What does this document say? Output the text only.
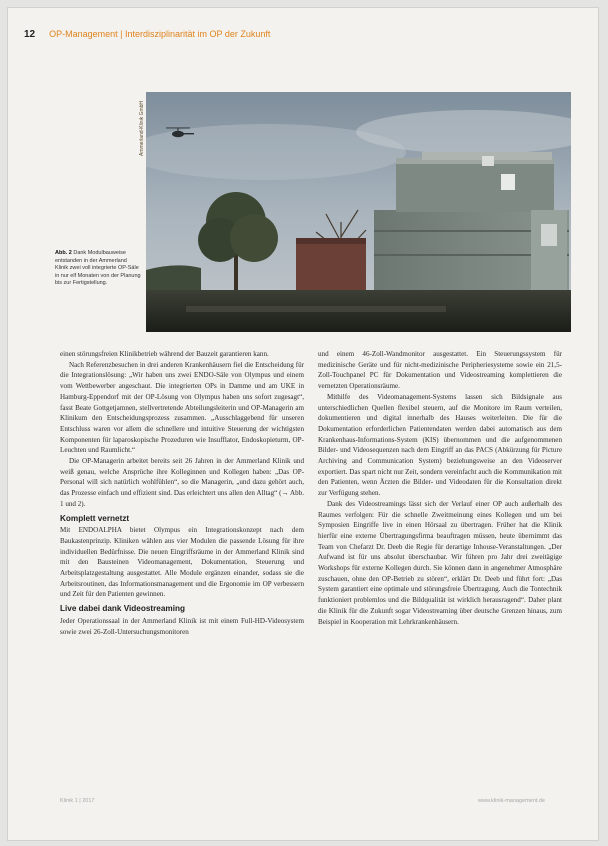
12 OP-Management | Interdisziplinarität im OP der Zukunft
Ammerland-Klinik GmbH
Abb. 2 Dank Modulbauweise entstanden in der Ammerland Klinik zwei voll integrierte OP-Säle in nur elf Monaten von der Planung bis zur Fertigstellung.

einen störungsfreien Klinikbetrieb während der Bauzeit garantieren kann.

Nach Referenzbesuchen in drei anderen Krankenhäusern fiel die Entscheidung für die Integrationslösung: „Wir haben uns zwei ENDO-Säle von Olympus und einem vom Wettbewerber angeschaut. Die integrierten OPs in Damme und am UKE in Hamburg-Eppendorf mit der OP-Lösung von Olympus haben uns sofort zugesagt“, fasst Beate Gottgetjamnen, stellvertretende Abteilungsleiterin und OP-Managerin am Klinikum den Entscheidungsprozess zusammen. „Ausschlaggebend für unseren Entschluss waren vor allem die schnellere und intuitive Steuerung der wichtigsten Komponenten für laparoskopische Prozeduren wie Insufflator, Endoskopieturm, OP-Leuchten und Raumlicht.“

Die OP-Managerin arbeitet bereits seit 26 Jahren in der Ammerland Klinik und weiß genau, welche Ansprüche ihre Kolleginnen und Kollegen haben: „Das OP-Personal will sich natürlich wohlfühlen“, so die Managerin, „und dazu gehört auch, das Prozesse einfach und effizient sind. Das erleichtert uns allen den Alltag“ (→ Abb. 1 und 2).

Komplett vernetzt

Mit ENDOALPHA bietet Olympus ein Integrationskonzept nach dem Baukastenprinzip. Kliniken wählen aus vier Modulen die passende Lösung für ihre individuellen Bedürfnisse. Die neuen Eingriffsräume in der Ammerland Klinik sind mit den Bausteinen Videomanagement, Dokumentation, Steuerung und Arbeitsplatzgestaltung ausgestattet. Alle Module ergänzen einander, sodass sie die Arbeitsroutinen, das Informationsmanagement und die Ergonomie im OP verbessern und Zeit für den Patienten gewinnen.

Live dabei dank Videostreaming

Jeder Operationssaal in der Ammerland Klinik ist mit einem Full-HD-Videosystem sowie zwei 26-Zoll-Untersuchungsmonitoren

und einem 46-Zoll-Wandmonitor ausgestattet. Ein Steuerungssystem für medizinische Geräte und für nicht-medizinische Peripheriesysteme sowie ein 21,5-Zoll-Touchpanel PC für Dokumentation und Videostreaming komplettieren die vernetzten Operationsräume.

Mithilfe des Videomanagement-Systems lassen sich Bildsignale aus unterschiedlichen Quellen flexibel steuern, auf die Monitore im Raum verteilen, dokumentieren und digital innerhalb des Hauses weiterleiten. Die für die Dokumentation erforderlichen Patientendaten werden dabei automatisch aus dem Krankenhaus-Informations-System (KIS) übernommen und die aufgenommenen Bilder- und Videosequenzen nach dem Eingriff an das PACS (Abkürzung für Picture Archiving and Communication System) beziehungsweise an den Videoserver exportiert. Das spart nicht nur Zeit, sondern vereinfacht auch die Kommunikation mit den Patienten, wenn Ärzten die Bilder- und Videodaten für die Konsultation direkt zur Verfügung stehen.

Dank des Videostreamings lässt sich der Verlauf einer OP auch außerhalb des Raumes verfolgen: Für die schnelle Zweitmeinung eines Kollegen und um bei Symposien Eingriffe live in einen Hörsaal zu übertragen. Früher hat die Klinik hierfür eine externe Übertragungsfirma beauftragen müssen, heute übernimmt das Team von Chefarzt Dr. Deeb die Regie für derartige Inhouse-Veranstaltungen. „Der Aufwand ist für uns absolut überschaubar. Wir führen pro Jahr drei zweitägige Workshops für externe Kollegen durch. Sie können dann in angenehmer Atmosphäre zuschauen, ohne den OP-Betrieb zu stören“, erklärt Dr. Deeb und führt fort: „Das System garantiert eine optimale und störungsfreie Übertragung. Auch die Tontechnik funktioniert problemlos und die Bildqualität ist wirklich herausragend“. Daher plant die Klinik für die Zukunft sogar Videostreaming über deutsche Grenzen hinaus, zum Beispiel in Kooperation mit Lehrkrankenhäusern.

Klinik 1 | 2017	www.klinik-management.de
